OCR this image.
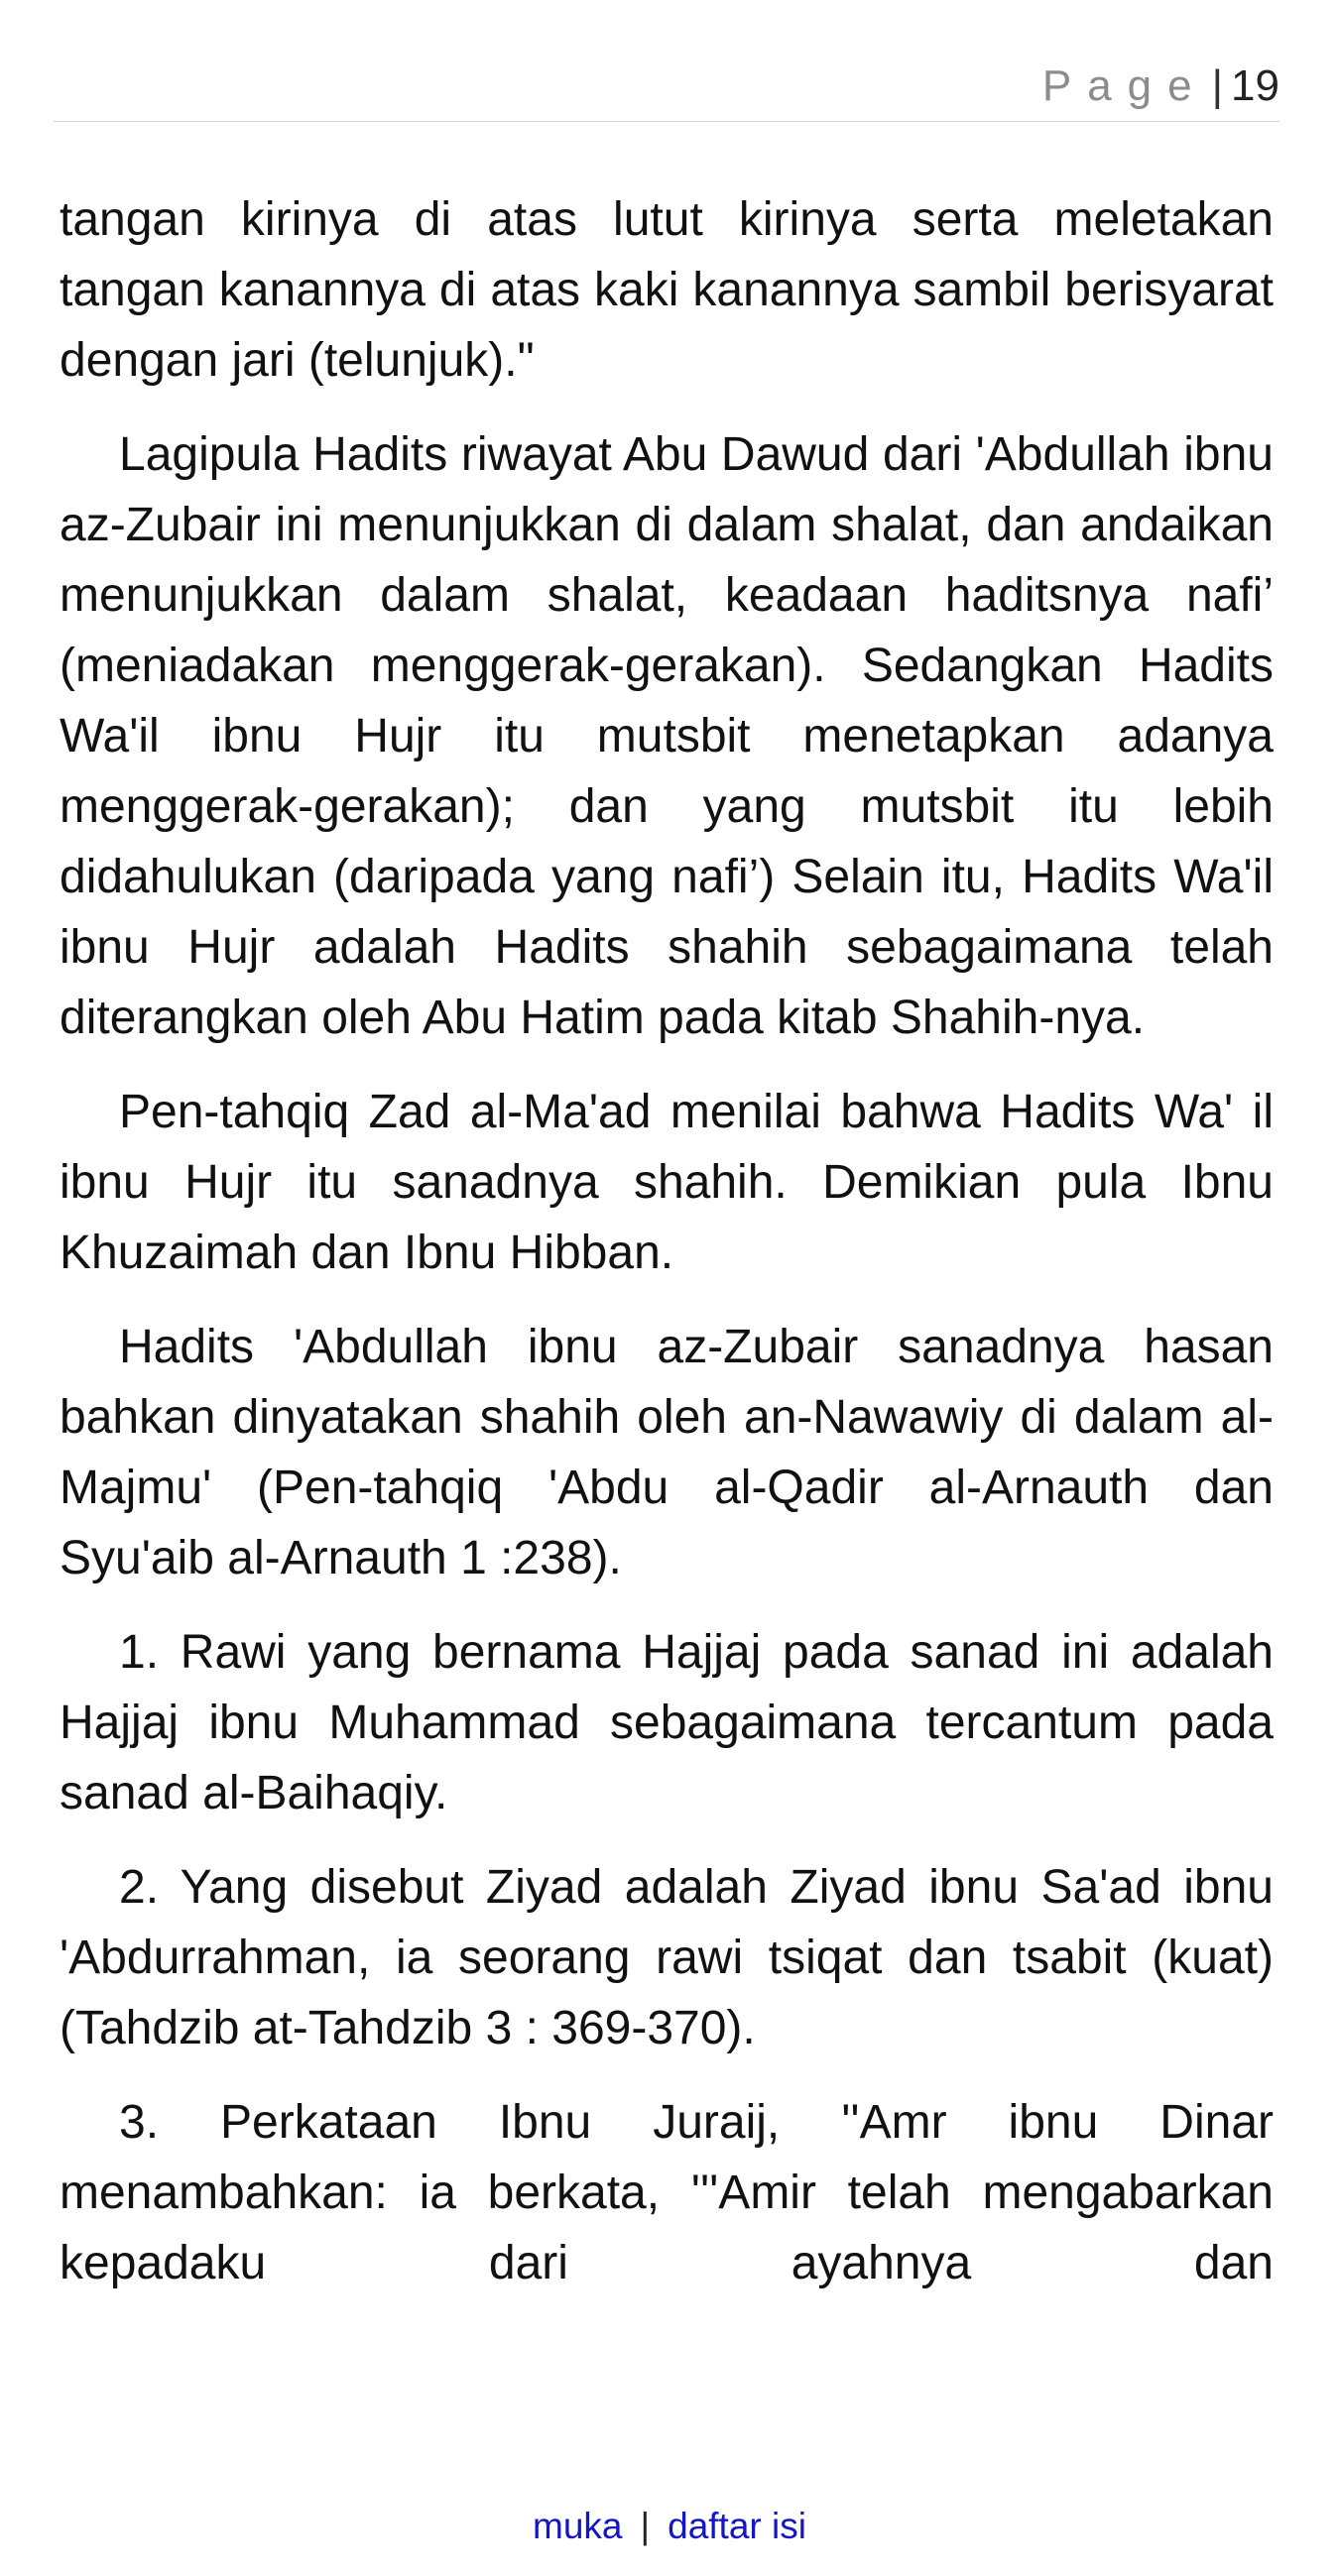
Page| 19

tangan kirinya di atas lutut kirinya serta meletakan tangan kanannya di atas kaki kanannya sambil berisyarat dengan jari (telunjuk)."

Lagipula Hadits riwayat Abu Dawud dari 'Abdullah ibnu az-Zubair ini menunjukkan di dalam shalat, dan andaikan menunjukkan dalam shalat, keadaan haditsnya nafi’ (meniadakan menggerak-gerakan). Sedangkan Hadits Wa'il ibnu Hujr itu mutsbit menetapkan adanya menggerak-gerakan); dan yang mutsbit itu lebih didahulukan (daripada yang nafi’) Selain itu, Hadits Wa'il ibnu Hujr adalah Hadits shahih sebagaimana telah diterangkan oleh Abu Hatim pada kitab Shahih-nya.

Pen-tahqiq Zad al-Ma'ad menilai bahwa Hadits Wa' il ibnu Hujr itu sanadnya shahih. Demikian pula Ibnu Khuzaimah dan Ibnu Hibban.

Hadits 'Abdullah ibnu az-Zubair sanadnya hasan bahkan dinyatakan shahih oleh an-Nawawiy di dalam al-Majmu' (Pen-tahqiq 'Abdu al-Qadir al-Arnauth dan Syu'aib al-Arnauth 1 :238).

1. Rawi yang bernama Hajjaj pada sanad ini adalah Hajjaj ibnu Muhammad sebagaimana tercantum pada sanad al-Baihaqiy.

2. Yang disebut Ziyad adalah Ziyad ibnu Sa'ad ibnu 'Abdurrahman, ia seorang rawi tsiqat dan tsabit (kuat) (Tahdzib at-Tahdzib 3 : 369-370).

3. Perkataan Ibnu Juraij, ''Amr ibnu Dinar menambahkan: ia berkata, '''Amir telah mengabarkan kepadaku dari ayahnya dan

muka | daftar isi
